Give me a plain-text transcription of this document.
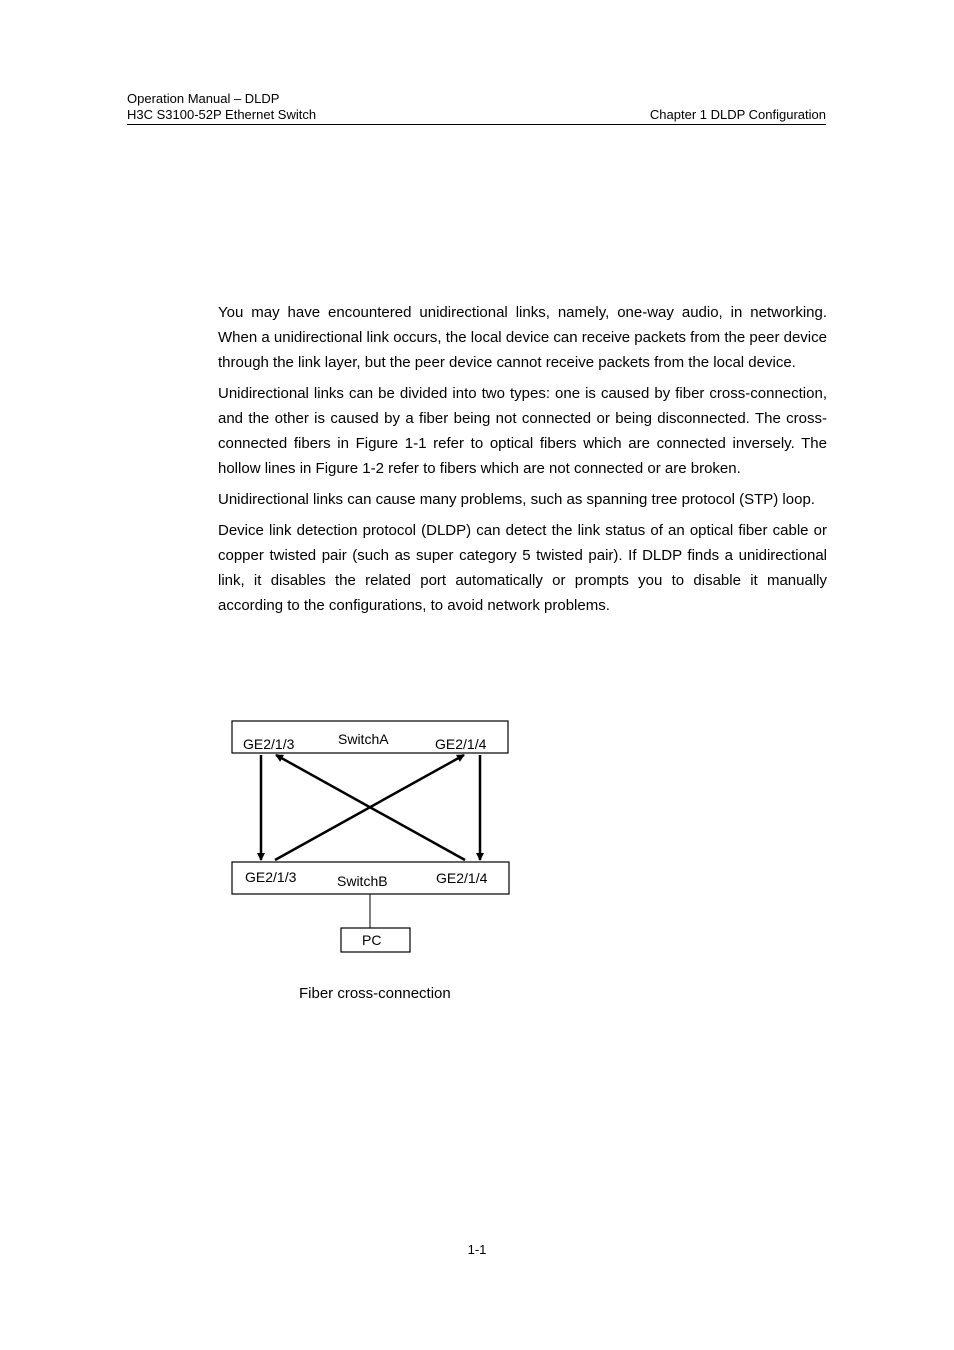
Operation Manual – DLDP
H3C S3100-52P Ethernet Switch	Chapter 1 DLDP Configuration

You may have encountered unidirectional links, namely, one-way audio, in networking. When a unidirectional link occurs, the local device can receive packets from the peer device through the link layer, but the peer device cannot receive packets from the local device.

Unidirectional links can be divided into two types: one is caused by fiber cross-connection, and the other is caused by a fiber being not connected or being disconnected. The cross-connected fibers in Figure 1-1 refer to optical fibers which are connected inversely. The hollow lines in Figure 1-2 refer to fibers which are not connected or are broken.

Unidirectional links can cause many problems, such as spanning tree protocol (STP) loop.

Device link detection protocol (DLDP) can detect the link status of an optical fiber cable or copper twisted pair (such as super category 5 twisted pair). If DLDP finds a unidirectional link, it disables the related port automatically or prompts you to disable it manually according to the configurations, to avoid network problems.

GE2/1/3	SwitchA	GE2/1/4
GE2/1/3	SwitchB	GE2/1/4
PC
Fiber cross-connection
1-1
